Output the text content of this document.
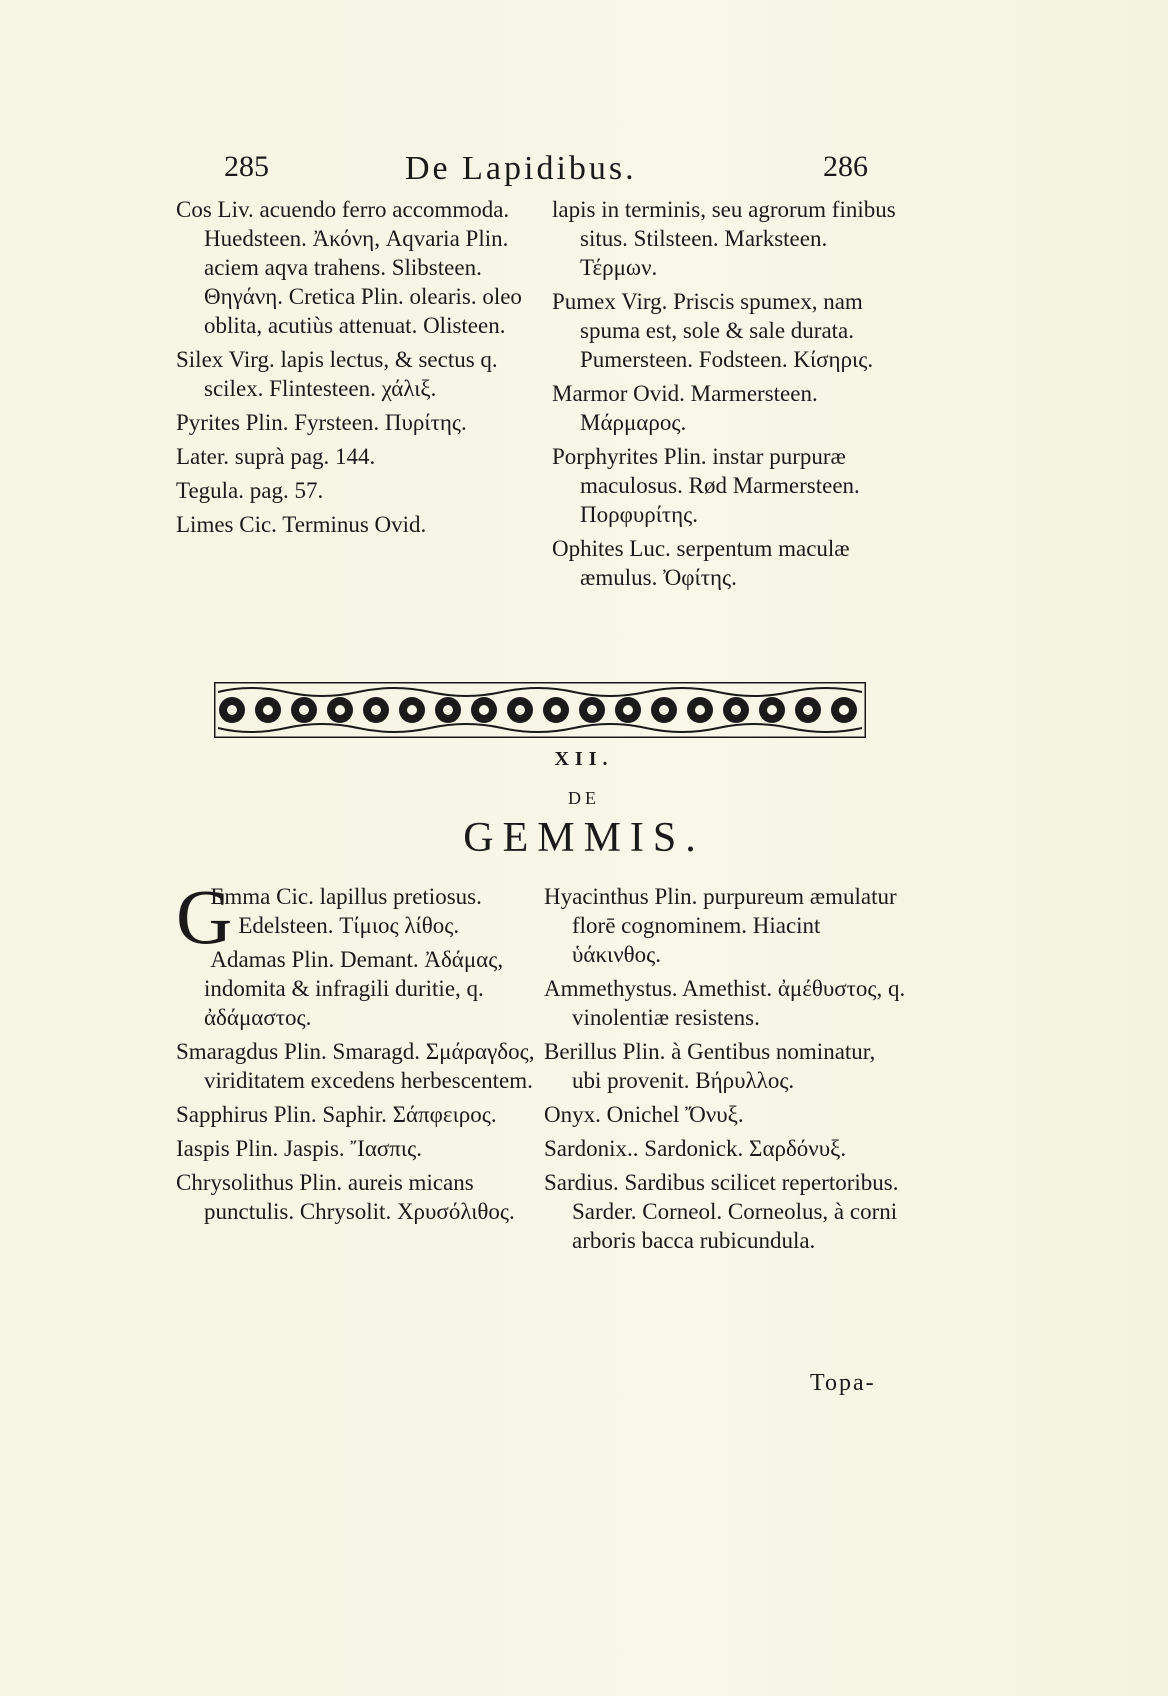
285	De Lapidibus.	286

Cos Liv. acuendo ferro accommoda. Huedsteen. Ἀκόνη, Aqvaria Plin. aciem aqva trahens. Slibsteen. Θηγάνη. Cretica Plin. olearis. oleo oblita, acutiùs attenuat. Olisteen.

Silex Virg. lapis lectus, & sectus q. scilex. Flintesteen. χάλιξ.

Pyrites Plin. Fyrsteen. Πυρίτης.

Later. suprà pag. 144.

Tegula. pag. 57.

Limes Cic. Terminus Ovid.

lapis in terminis, seu agrorum finibus situs. Stilsteen. Marksteen. Τέρμων.

Pumex Virg. Priscis spumex, nam spuma est, sole & sale durata. Pumersteen. Fodsteen. Κίσηρις.

Marmor Ovid. Marmersteen. Μάρμαρος.

Porphyrites Plin. instar purpuræ maculosus. Rød Marmersteen. Πορφυρίτης.

Ophites Luc. serpentum maculæ æmulus. Ὀφίτης.

XII.
DE
GEMMIS.

G
Emma Cic. lapillus pretiosus. Edelsteen. Τίμιος λίθος.

Adamas Plin. Demant. Ἀδάμας, indomita & infragili duritie, q. ἀδάμαστος.

Smaragdus Plin. Smaragd. Σμάραγδος, viriditatem excedens herbescentem.

Sapphirus Plin. Saphir. Σάπφειρος.

Iaspis Plin. Jaspis. Ἴασπις.

Chrysolithus Plin. aureis micans punctulis. Chrysolit. Χρυσόλιθος.

Hyacinthus Plin. purpureum æmulatur florē cognominem. Hiacint ὑάκινθος.

Ammethystus. Amethist. ἀμέθυστος, q. vinolentiæ resistens.

Berillus Plin. à Gentibus nominatur, ubi provenit. Βήρυλλος.

Onyx. Onichel Ὄνυξ.

Sardonix.. Sardonick. Σαρδόνυξ.

Sardius. Sardibus scilicet repertoribus. Sarder. Corneol. Corneolus, à corni arboris bacca rubicundula.

Topa-
